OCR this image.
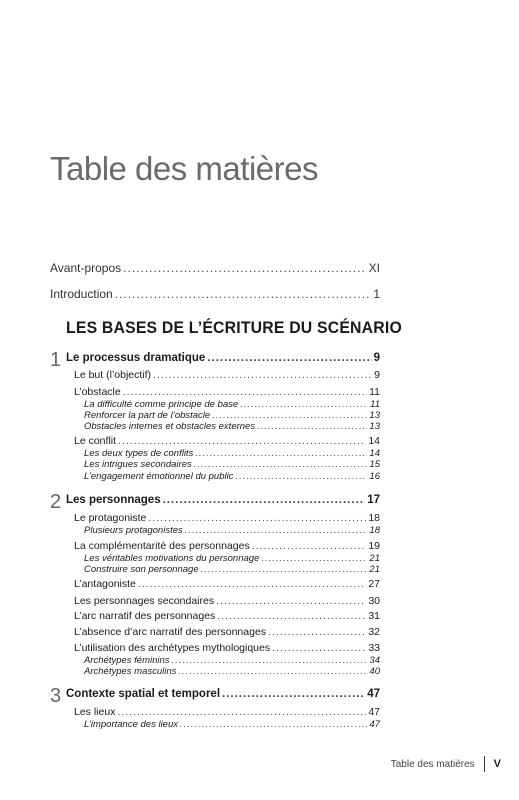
Table des matières
Avant-propos .....	XI
Introduction .....	1
LES BASES DE L’ÉCRITURE DU SCÉNARIO
1 Le processus dramatique .....	9
Le but (l’objectif) .....	9
L’obstacle .....	11
La difficulté comme principe de base .....	11
Renforcer la part de l’obstacle .....	13
Obstacles internes et obstacles externes .....	13
Le conflit .....	14
Les deux types de conflits .....	14
Les intrigues secondaires .....	15
L’engagement émotionnel du public .....	16
2 Les personnages .....	17
Le protagoniste .....	18
Plusieurs protagonistes .....	18
La complémentarité des personnages .....	19
Les véritables motivations du personnage .....	21
Construire son personnage .....	21
L’antagoniste .....	27
Les personnages secondaires .....	30
L’arc narratif des personnages .....	31
L’absence d’arc narratif des personnages .....	32
L’utilisation des archétypes mythologiques .....	33
Archétypes féminins .....	34
Archétypes masculins .....	40
3 Contexte spatial et temporel .....	47
Les lieux .....	47
L’importance des lieux .....	47
Table des matières V
